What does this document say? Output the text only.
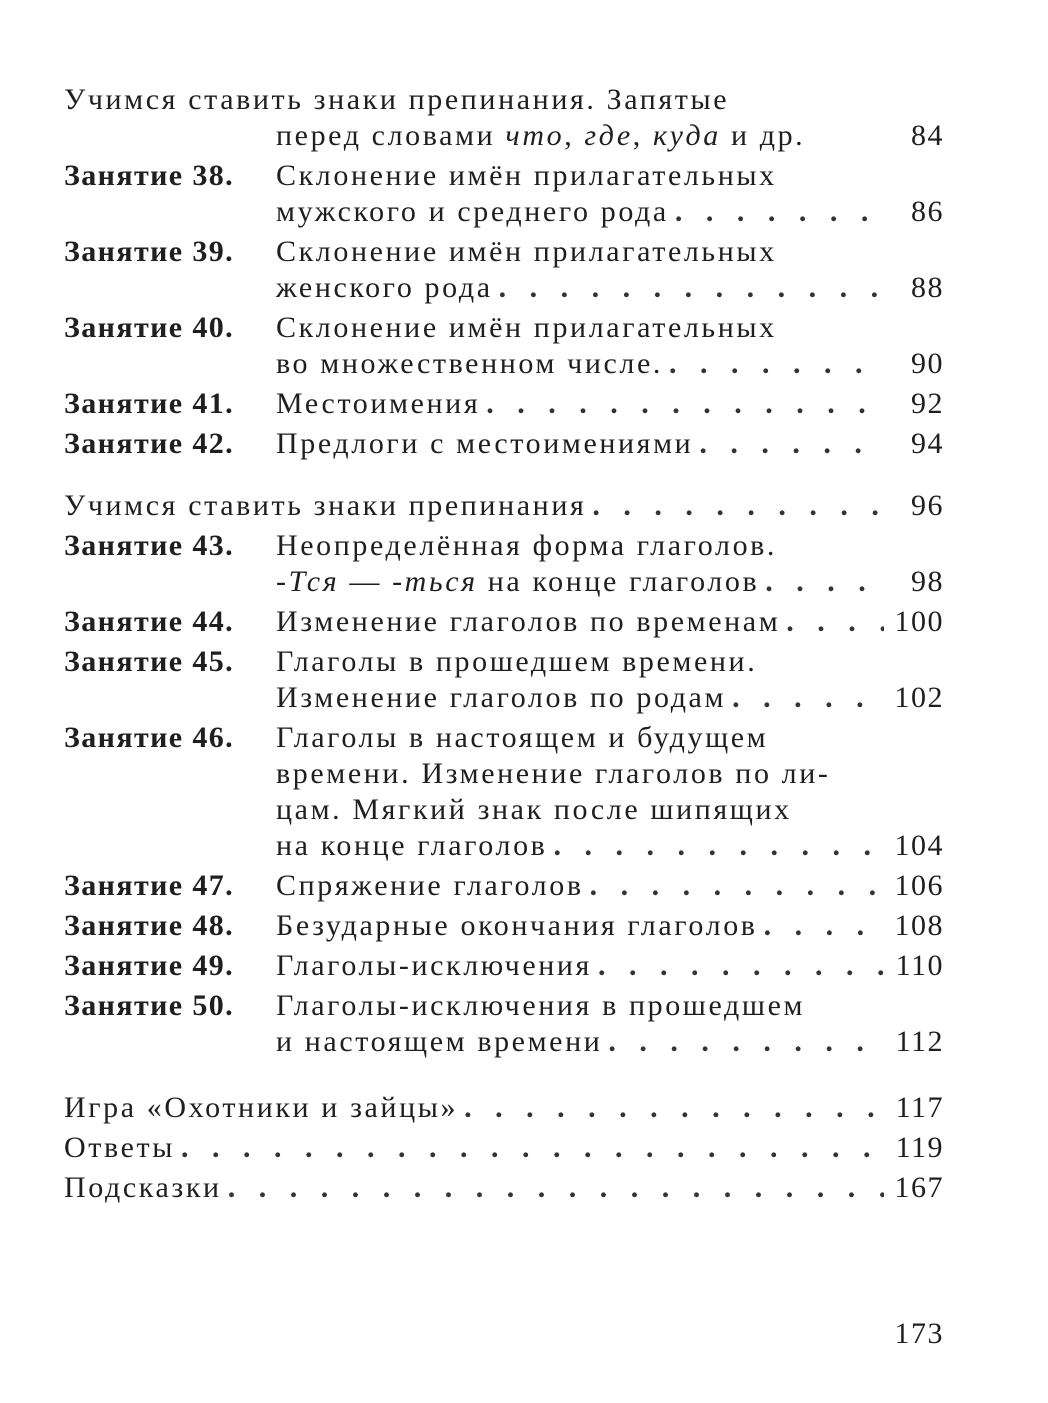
Учимся ставить знаки препинания. Запятые
перед словами что, где, куда и др.	84
Занятие 38. Склонение имён прилагательных
мужского и среднего рода . . .	86
Занятие 39. Склонение имён прилагательных
женского рода . . .	88
Занятие 40. Склонение имён прилагательных
во множественном числе. . . .	90
Занятие 41. Местоимения . . .	92
Занятие 42. Предлоги с местоимениями . . .	94
Учимся ставить знаки препинания . . .	96
Занятие 43. Неопределённая форма глаголов.
-Тся — -ться на конце глаголов . . .	98
Занятие 44. Изменение глаголов по временам . . .	100
Занятие 45. Глаголы в прошедшем времени.
Изменение глаголов по родам . . .	102
Занятие 46. Глаголы в настоящем и будущем
времени. Изменение глаголов по ли-
цам. Мягкий знак после шипящих
на конце глаголов . . .	104
Занятие 47. Спряжение глаголов . . .	106
Занятие 48. Безударные окончания глаголов . . .	108
Занятие 49. Глаголы-исключения . . .	110
Занятие 50. Глаголы-исключения в прошедшем
и настоящем времени . . .	112
Игра «Охотники и зайцы» . . .	117
Ответы . . .	119
Подсказки . . .	167
173
